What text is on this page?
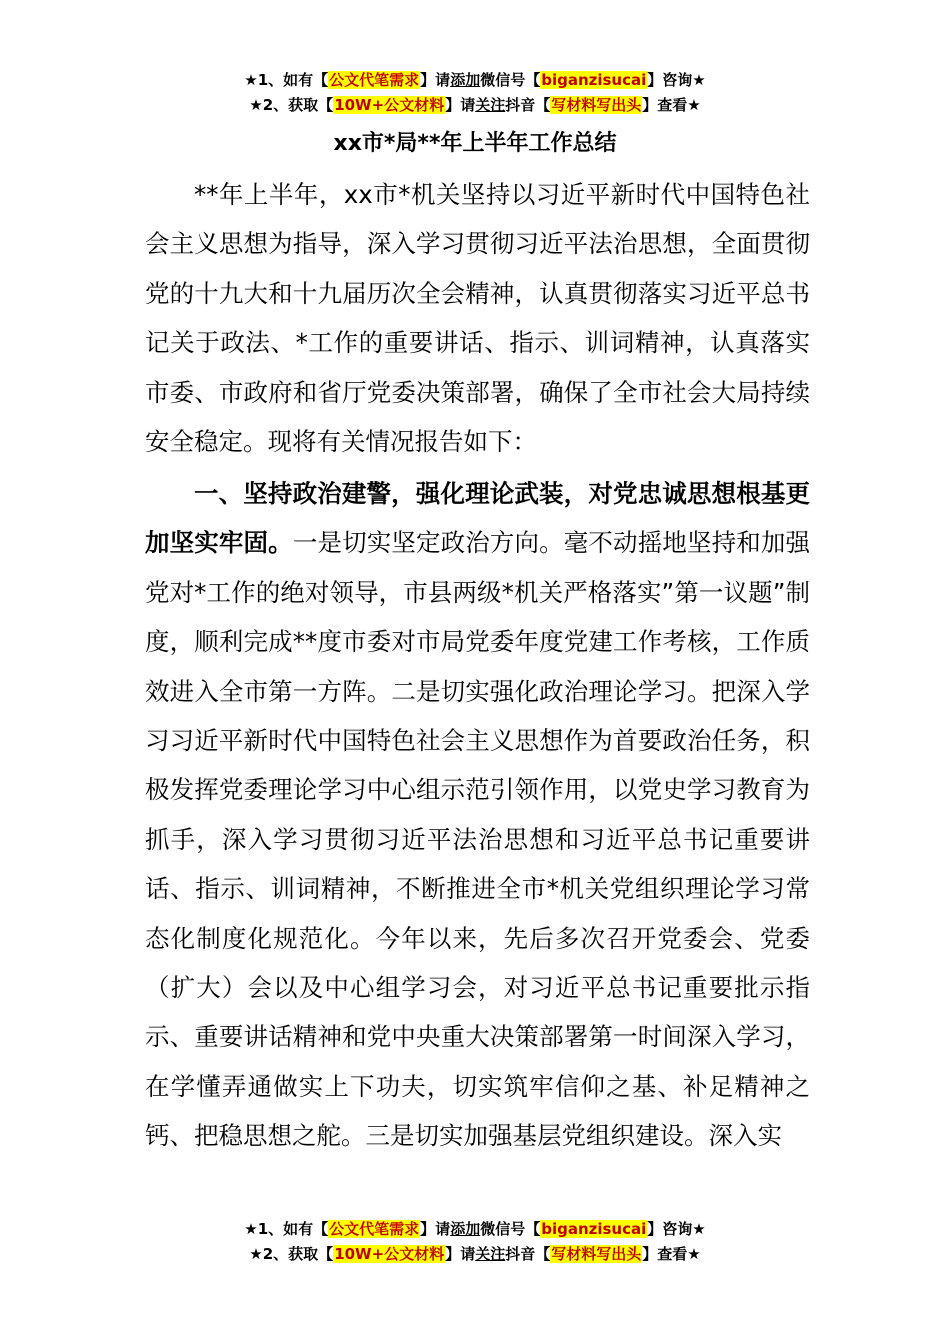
★1、如有【公文代笔需求】请添加微信号【biganzisucai】咨询★
★2、获取【10W+公文材料】请关注抖音【写材料写出头】查看★
xx市*局**年上半年工作总结

**年上半年，xx市*机关坚持以习近平新时代中国特色社会主义思想为指导，深入学习贯彻习近平法治思想，全面贯彻党的十九大和十九届历次全会精神，认真贯彻落实习近平总书记关于政法、*工作的重要讲话、指示、训词精神，认真落实市委、市政府和省厅党委决策部署，确保了全市社会大局持续安全稳定。现将有关情况报告如下：

一、坚持政治建警，强化理论武装，对党忠诚思想根基更加坚实牢固。一是切实坚定政治方向。毫不动摇地坚持和加强党对*工作的绝对领导，市县两级*机关严格落实”第一议题”制度，顺利完成**度市委对市局党委年度党建工作考核，工作质效进入全市第一方阵。二是切实强化政治理论学习。把深入学习习近平新时代中国特色社会主义思想作为首要政治任务，积极发挥党委理论学习中心组示范引领作用，以党史学习教育为抓手，深入学习贯彻习近平法治思想和习近平总书记重要讲话、指示、训词精神，不断推进全市*机关党组织理论学习常态化制度化规范化。今年以来，先后多次召开党委会、党委（扩大）会以及中心组学习会，对习近平总书记重要批示指示、重要讲话精神和党中央重大决策部署第一时间深入学习，在学懂弄通做实上下功夫，切实筑牢信仰之基、补足精神之钙、把稳思想之舵。三是切实加强基层党组织建设。深入实

★1、如有【公文代笔需求】请添加微信号【biganzisucai】咨询★
★2、获取【10W+公文材料】请关注抖音【写材料写出头】查看★
